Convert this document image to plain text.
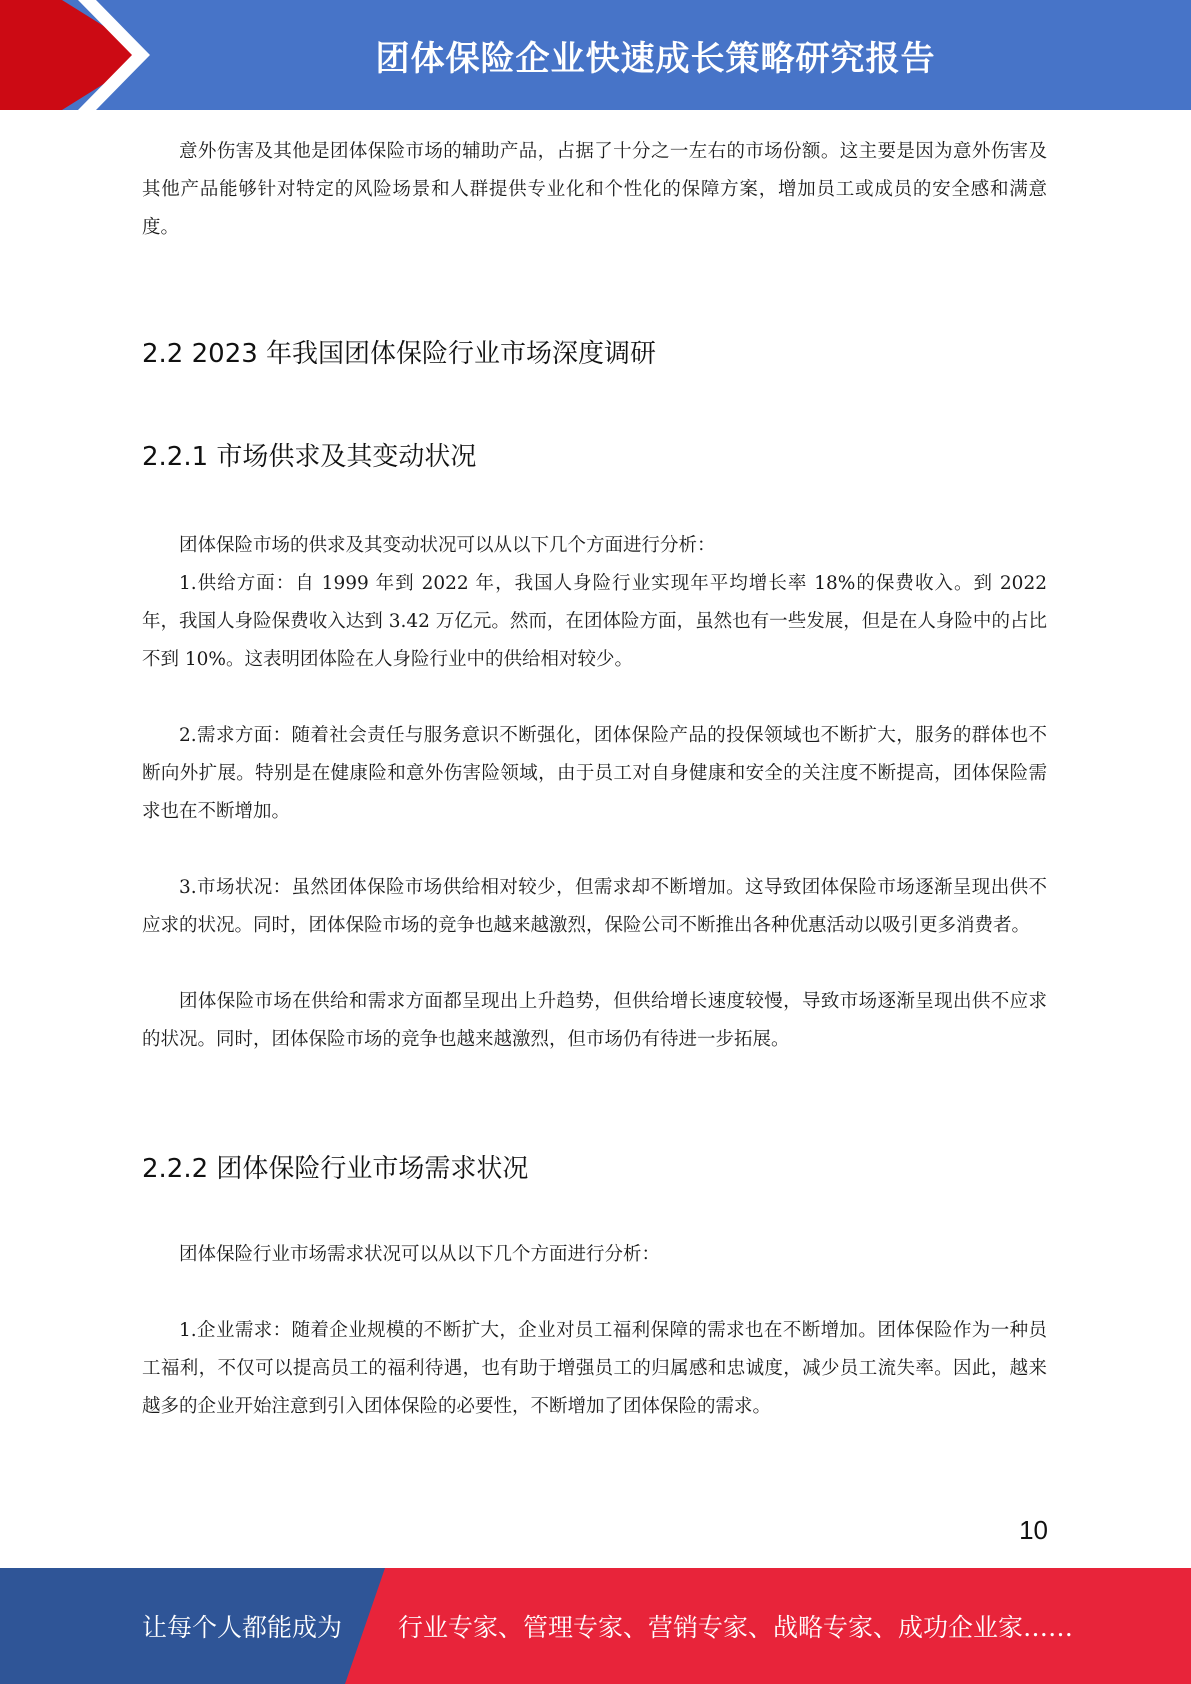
团体保险企业快速成长策略研究报告

意外伤害及其他是团体保险市场的辅助产品，占据了十分之一左右的市场份额。这主要是因为意外伤害及其他产品能够针对特定的风险场景和人群提供专业化和个性化的保障方案，增加员工或成员的安全感和满意度。

2.2 2023 年我国团体保险行业市场深度调研
2.2.1 市场供求及其变动状况

团体保险市场的供求及其变动状况可以从以下几个方面进行分析：

1.供给方面：自 1999 年到 2022 年，我国人身险行业实现年平均增长率 18%的保费收入。到 2022 年，我国人身险保费收入达到 3.42 万亿元。然而，在团体险方面，虽然也有一些发展，但是在人身险中的占比不到 10%。这表明团体险在人身险行业中的供给相对较少。

2.需求方面：随着社会责任与服务意识不断强化，团体保险产品的投保领域也不断扩大，服务的群体也不断向外扩展。特别是在健康险和意外伤害险领域，由于员工对自身健康和安全的关注度不断提高，团体保险需求也在不断增加。

3.市场状况：虽然团体保险市场供给相对较少，但需求却不断增加。这导致团体保险市场逐渐呈现出供不应求的状况。同时，团体保险市场的竞争也越来越激烈，保险公司不断推出各种优惠活动以吸引更多消费者。

团体保险市场在供给和需求方面都呈现出上升趋势，但供给增长速度较慢，导致市场逐渐呈现出供不应求的状况。同时，团体保险市场的竞争也越来越激烈，但市场仍有待进一步拓展。

2.2.2 团体保险行业市场需求状况

团体保险行业市场需求状况可以从以下几个方面进行分析：

1.企业需求：随着企业规模的不断扩大，企业对员工福利保障的需求也在不断增加。团体保险作为一种员工福利，不仅可以提高员工的福利待遇，也有助于增强员工的归属感和忠诚度，减少员工流失率。因此，越来越多的企业开始注意到引入团体保险的必要性，不断增加了团体保险的需求。

10
让每个人都能成为 行业专家、管理专家、营销专家、战略专家、成功企业家……
